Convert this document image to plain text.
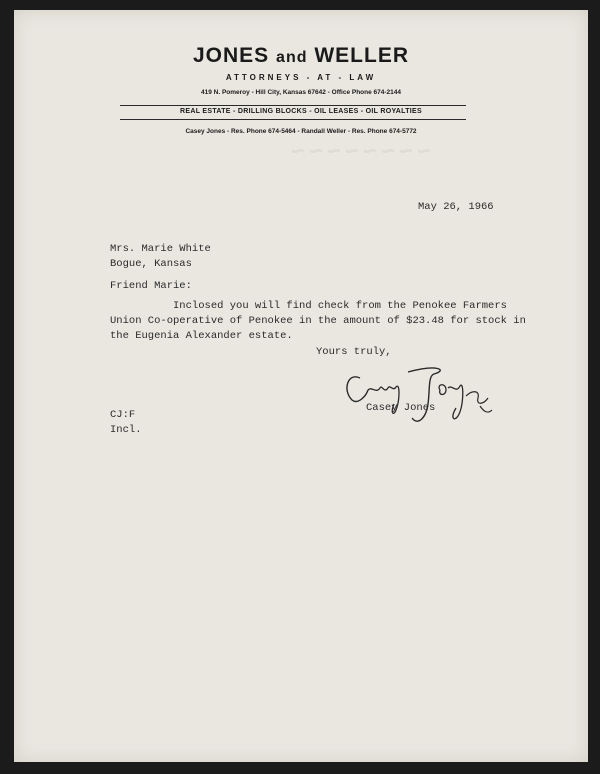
JONES and WELLER
ATTORNEYS - AT - LAW
419 N. Pomeroy - Hill City, Kansas 67642 - Office Phone 674-2144
REAL ESTATE - DRILLING BLOCKS - OIL LEASES - OIL ROYALTIES
Casey Jones - Res. Phone 674-5464 - Randall Weller - Res. Phone 674-5772
~~~~~~~~
May 26, 1966
Mrs. Marie White
Bogue, Kansas
Friend Marie:
Inclosed you will find check from the Penokee Farmers
Union Co-operative of Penokee in the amount of $23.48 for stock in
the Eugenia Alexander estate.
Yours truly,
Casey Jones
CJ:F
Incl.
